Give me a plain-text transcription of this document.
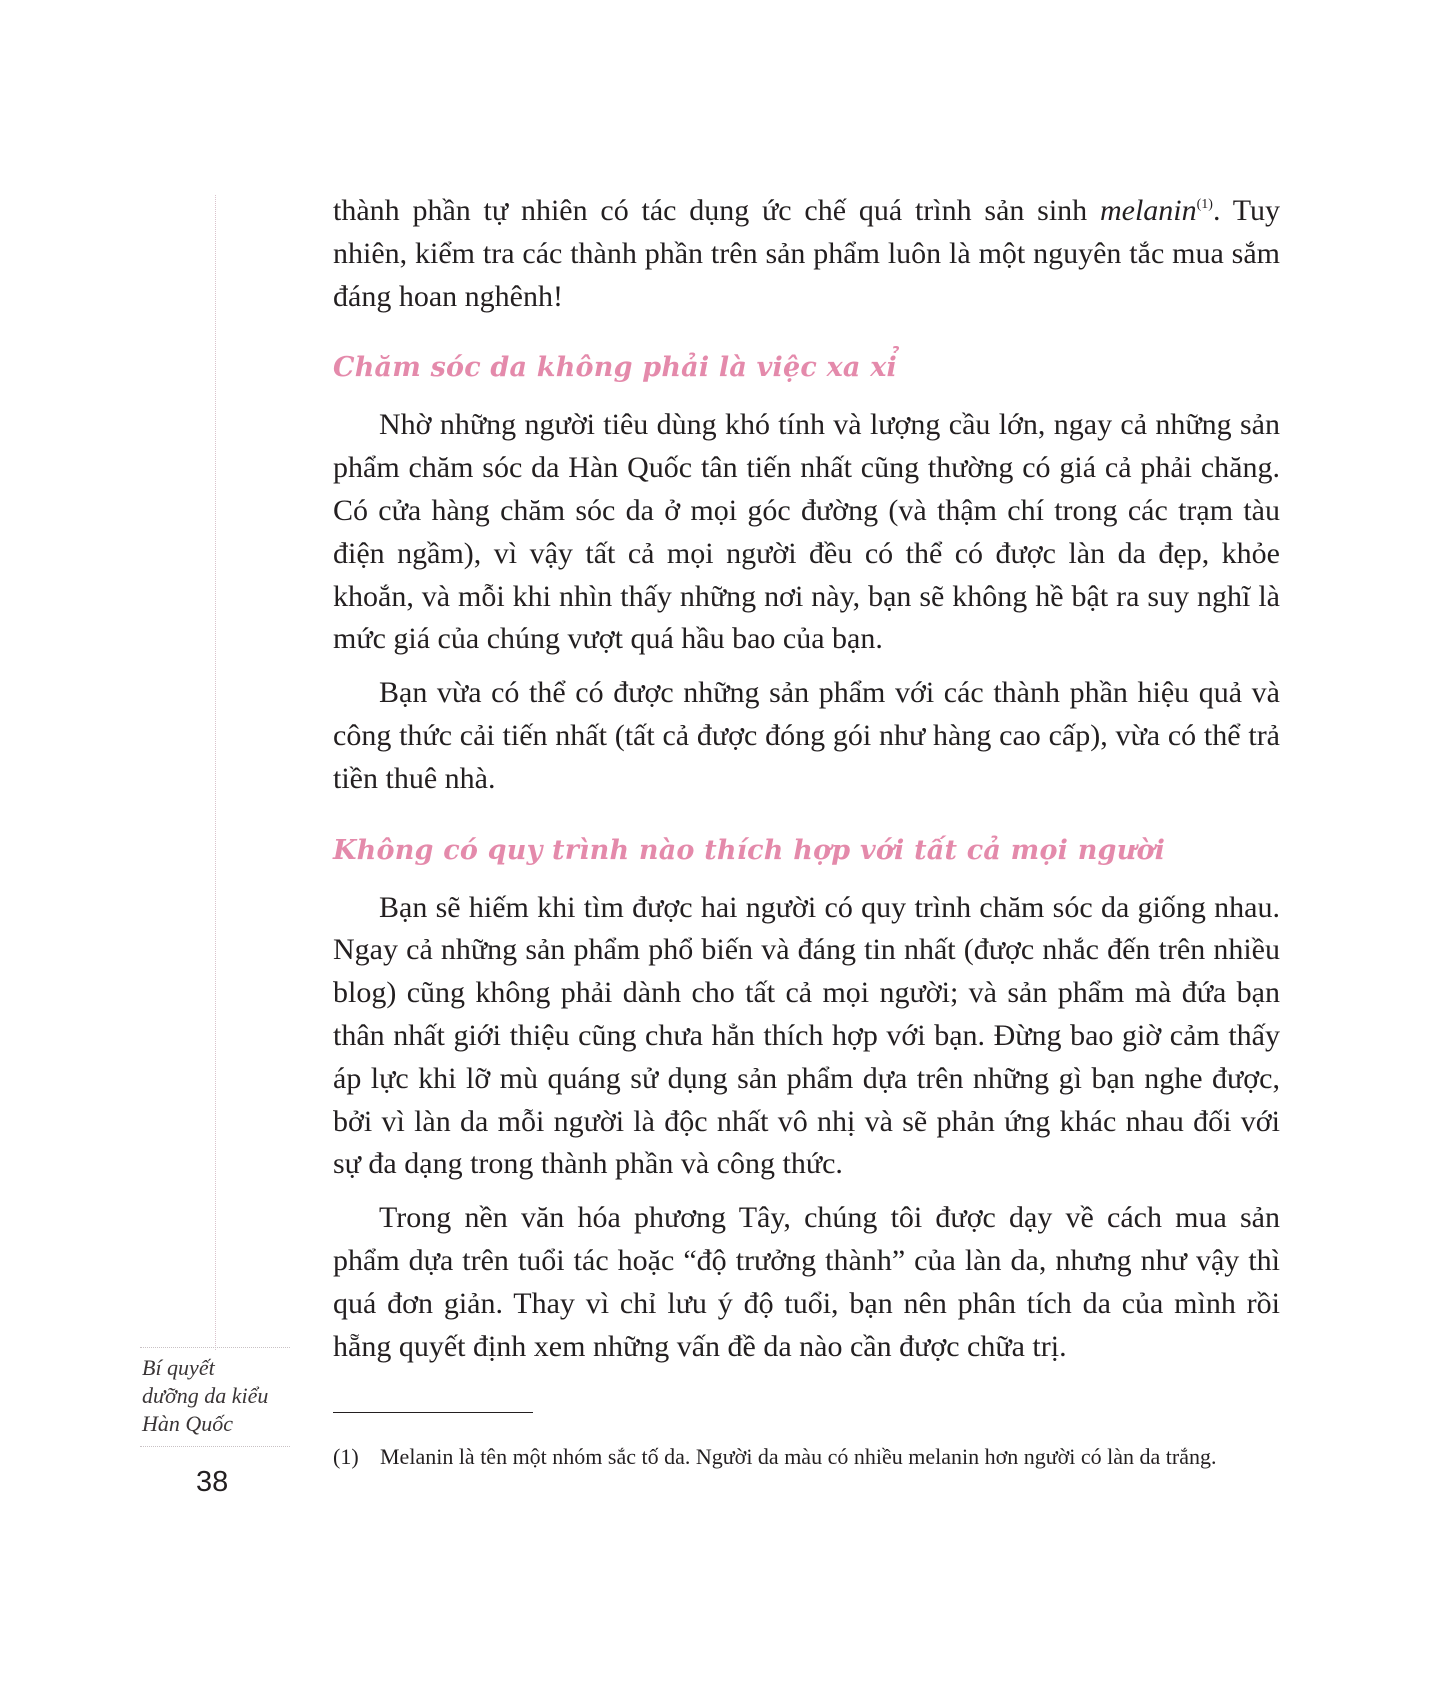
Bí quyết
dưỡng da kiểu
Hàn Quốc
38

thành phần tự nhiên có tác dụng ức chế quá trình sản sinh melanin$^{(1)}$. Tuy nhiên, kiểm tra các thành phần trên sản phẩm luôn là một nguyên tắc mua sắm đáng hoan nghênh!

Chăm sóc da không phải là việc xa xỉ

Nhờ những người tiêu dùng khó tính và lượng cầu lớn, ngay cả những sản phẩm chăm sóc da Hàn Quốc tân tiến nhất cũng thường có giá cả phải chăng. Có cửa hàng chăm sóc da ở mọi góc đường (và thậm chí trong các trạm tàu điện ngầm), vì vậy tất cả mọi người đều có thể có được làn da đẹp, khỏe khoắn, và mỗi khi nhìn thấy những nơi này, bạn sẽ không hề bật ra suy nghĩ là mức giá của chúng vượt quá hầu bao của bạn.

Bạn vừa có thể có được những sản phẩm với các thành phần hiệu quả và công thức cải tiến nhất (tất cả được đóng gói như hàng cao cấp), vừa có thể trả tiền thuê nhà.

Không có quy trình nào thích hợp với tất cả mọi người

Bạn sẽ hiếm khi tìm được hai người có quy trình chăm sóc da giống nhau. Ngay cả những sản phẩm phổ biến và đáng tin nhất (được nhắc đến trên nhiều blog) cũng không phải dành cho tất cả mọi người; và sản phẩm mà đứa bạn thân nhất giới thiệu cũng chưa hẳn thích hợp với bạn. Đừng bao giờ cảm thấy áp lực khi lỡ mù quáng sử dụng sản phẩm dựa trên những gì bạn nghe được, bởi vì làn da mỗi người là độc nhất vô nhị và sẽ phản ứng khác nhau đối với sự đa dạng trong thành phần và công thức.

Trong nền văn hóa phương Tây, chúng tôi được dạy về cách mua sản phẩm dựa trên tuổi tác hoặc “độ trưởng thành” của làn da, nhưng như vậy thì quá đơn giản. Thay vì chỉ lưu ý độ tuổi, bạn nên phân tích da của mình rồi hẵng quyết định xem những vấn đề da nào cần được chữa trị.

(1) Melanin là tên một nhóm sắc tố da. Người da màu có nhiều melanin hơn người có làn da trắng.
